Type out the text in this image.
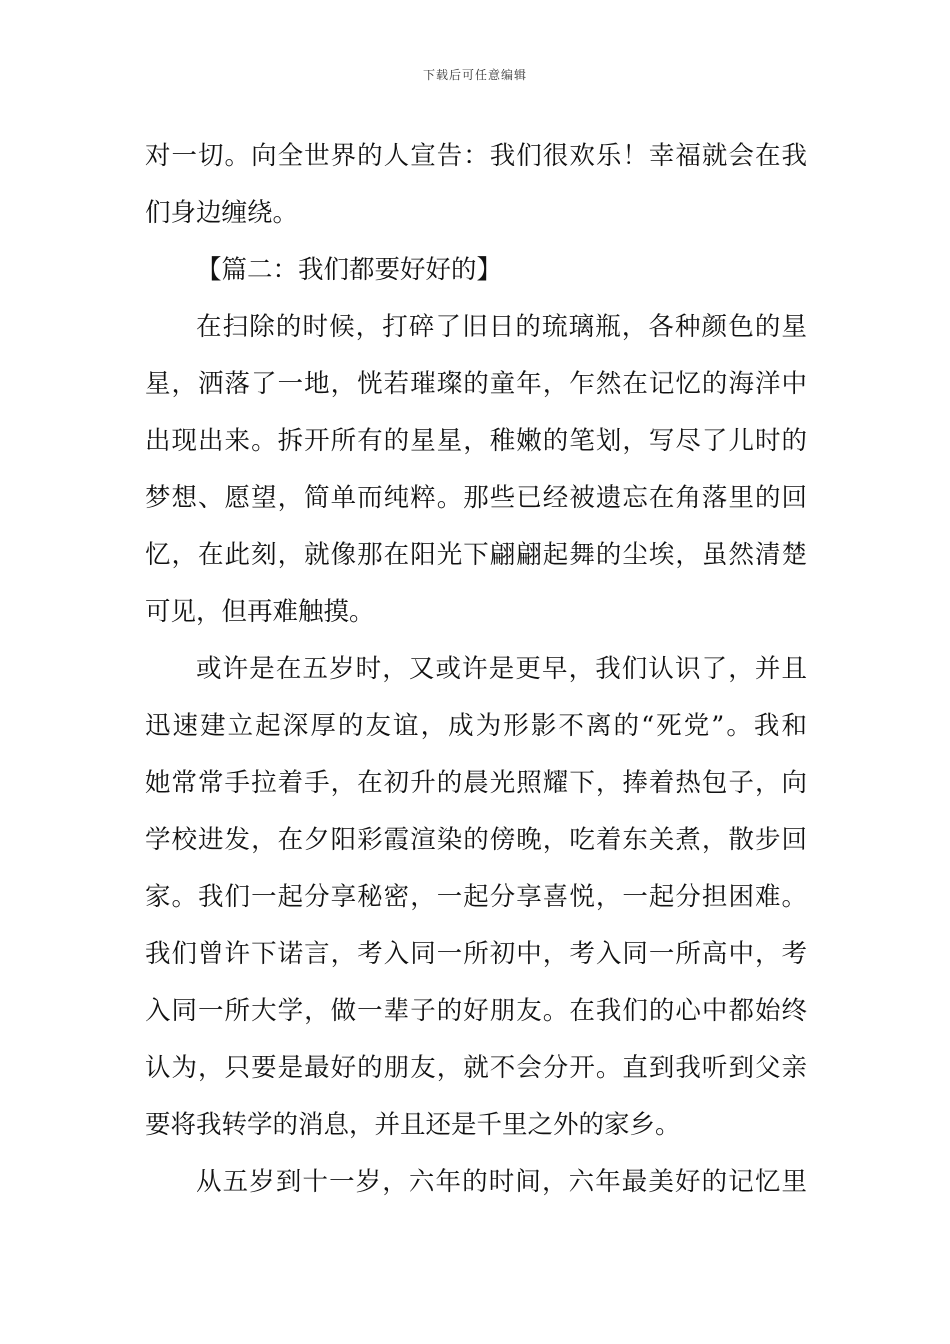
下载后可任意编辑
对一切。向全世界的人宣告：我们很欢乐！幸福就会在我
们身边缠绕。
【篇二：我们都要好好的】
在扫除的时候，打碎了旧日的琉璃瓶，各种颜色的星
星，洒落了一地，恍若璀璨的童年，乍然在记忆的海洋中
出现出来。拆开所有的星星，稚嫩的笔划，写尽了儿时的
梦想、愿望，简单而纯粹。那些已经被遗忘在角落里的回
忆，在此刻，就像那在阳光下翩翩起舞的尘埃，虽然清楚
可见，但再难触摸。
或许是在五岁时，又或许是更早，我们认识了，并且
迅速建立起深厚的友谊，成为形影不离的“死党”。我和
她常常手拉着手，在初升的晨光照耀下，捧着热包子，向
学校进发，在夕阳彩霞渲染的傍晚，吃着东关煮，散步回
家。我们一起分享秘密，一起分享喜悦，一起分担困难。
我们曾许下诺言，考入同一所初中，考入同一所高中，考
入同一所大学，做一辈子的好朋友。在我们的心中都始终
认为，只要是最好的朋友，就不会分开。直到我听到父亲
要将我转学的消息，并且还是千里之外的家乡。
从五岁到十一岁，六年的时间，六年最美好的记忆里
